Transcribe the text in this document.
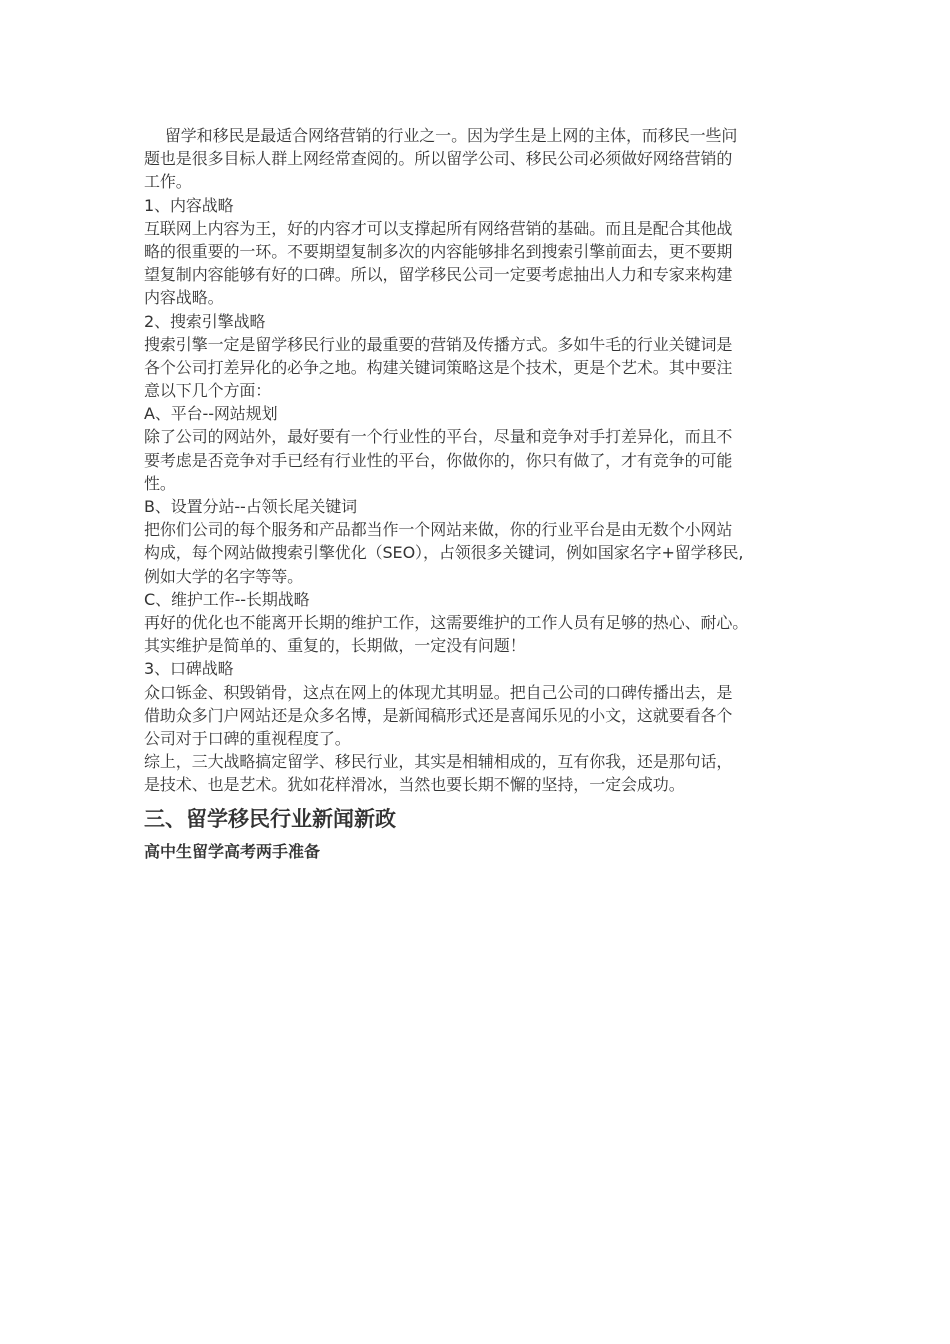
　 留学和移民是最适合网络营销的行业之一。因为学生是上网的主体，而移民一些问
题也是很多目标人群上网经常查阅的。所以留学公司、移民公司必须做好网络营销的
工作。
1、内容战略
互联网上内容为王，好的内容才可以支撑起所有网络营销的基础。而且是配合其他战
略的很重要的一环。不要期望复制多次的内容能够排名到搜索引擎前面去，更不要期
望复制内容能够有好的口碑。所以，留学移民公司一定要考虑抽出人力和专家来构建
内容战略。
2、搜索引擎战略
搜索引擎一定是留学移民行业的最重要的营销及传播方式。多如牛毛的行业关键词是
各个公司打差异化的必争之地。构建关键词策略这是个技术，更是个艺术。其中要注
意以下几个方面：
A、平台--网站规划
除了公司的网站外，最好要有一个行业性的平台，尽量和竞争对手打差异化，而且不
要考虑是否竞争对手已经有行业性的平台，你做你的，你只有做了，才有竞争的可能
性。
B、设置分站--占领长尾关键词
把你们公司的每个服务和产品都当作一个网站来做，你的行业平台是由无数个小网站
构成，每个网站做搜索引擎优化（SEO），占领很多关键词，例如国家名字+留学移民,
例如大学的名字等等。
C、维护工作--长期战略
再好的优化也不能离开长期的维护工作，这需要维护的工作人员有足够的热心、耐心。
其实维护是简单的、重复的，长期做，一定没有问题！
3、口碑战略
众口铄金、积毁销骨，这点在网上的体现尤其明显。把自己公司的口碑传播出去，是
借助众多门户网站还是众多名博，是新闻稿形式还是喜闻乐见的小文，这就要看各个
公司对于口碑的重视程度了。
综上，三大战略搞定留学、移民行业，其实是相辅相成的，互有你我，还是那句话，
是技术、也是艺术。犹如花样滑冰，当然也要长期不懈的坚持，一定会成功。
三、留学移民行业新闻新政
高中生留学高考两手准备
